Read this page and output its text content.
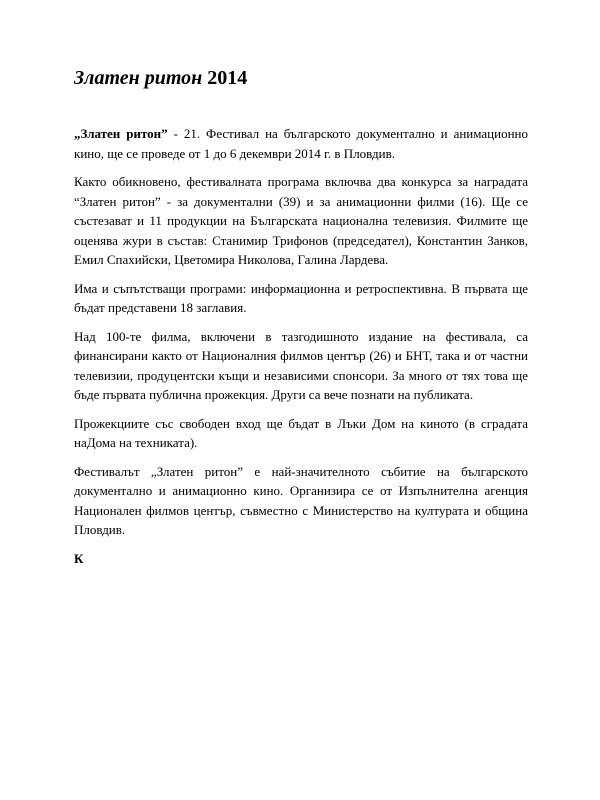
Златен ритон 2014

„Златен ритон” - 21. Фестивал на българското документално и анимационно кино, ще се проведе от 1 до 6 декември 2014 г. в Пловдив.

Както обикновено, фестивалната програма включва два конкурса за наградата “Златен ритон” - за документални (39) и за анимационни филми (16). Ще се състезават и 11 продукции на Българската национална телевизия. Филмите ще оценява жури в състав: Станимир Трифонов (председател), Константин Занков, Емил Спахийски, Цветомира Николова, Галина Лардева.

Има и съпътстващи програми: информационна и ретроспективна. В първата ще бъдат представени 18 заглавия.

Над 100-те филма, включени в тазгодишното издание на фестивала, са финансирани както от Националния филмов център (26) и БНТ, така и от частни телевизии, продуцентски къщи и независими спонсори. За много от тях това ще бъде първата публична прожекция. Други са вече познати на публиката.

Прожекциите със свободен вход ще бъдат в Лъки Дом на киното (в сградата наДома на техниката).

Фестивалът „Златен ритон” е най-значителното събитие на българското документално и анимационно кино. Организира се от Изпълнителна агенция Национален филмов център, съвместно с Министерство на културата и община Пловдив.

К
